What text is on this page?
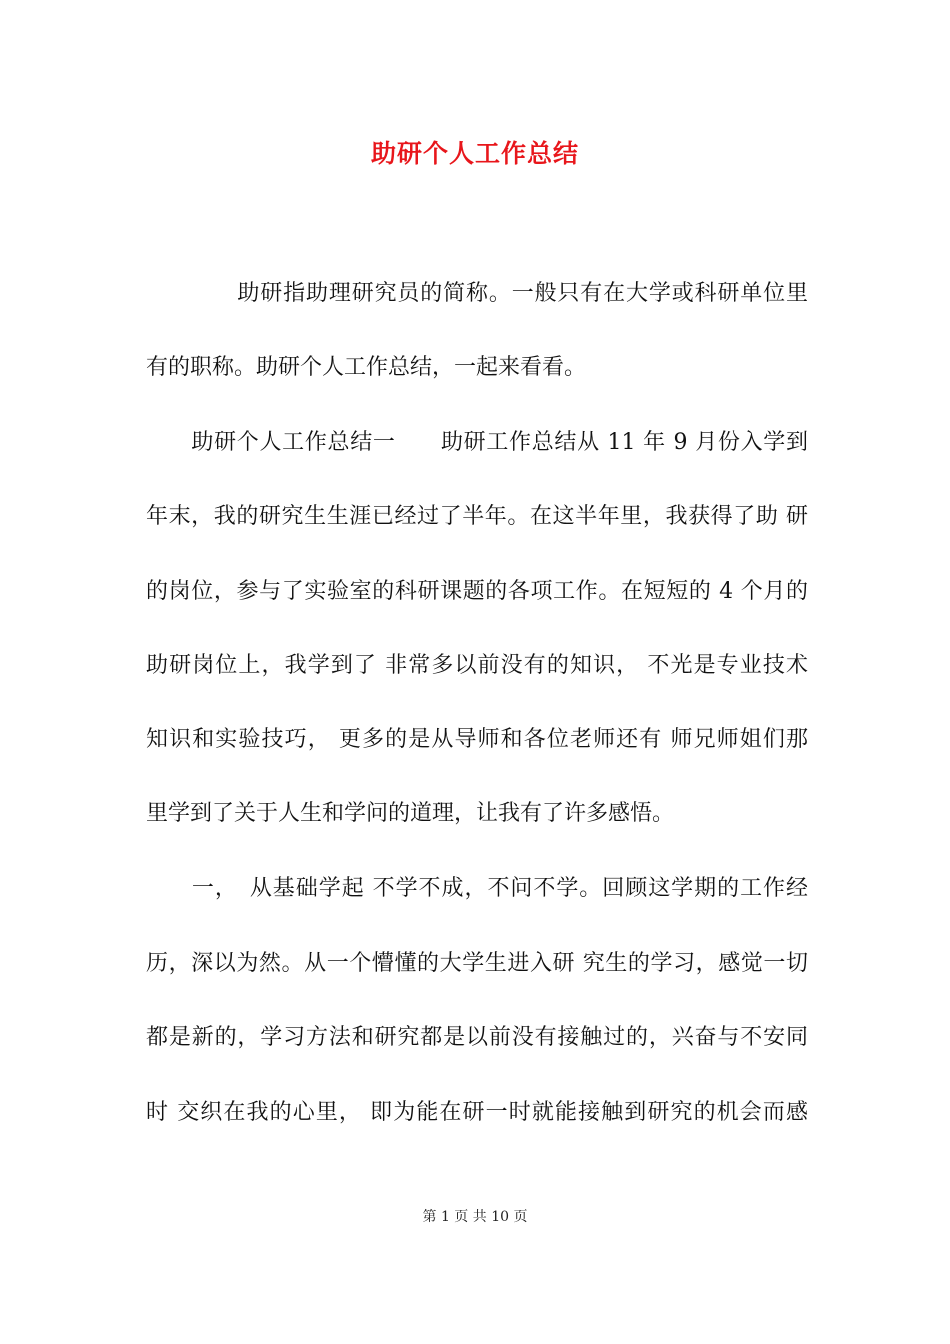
助研个人工作总结
　　　　助研指助理研究员的简称。一般只有在大学或科研单位里
有的职称。助研个人工作总结，一起来看看。
　　助研个人工作总结一　　助研工作总结从 11 年 9 月份入学到
年末，我的研究生生涯已经过了半年。在这半年里，我获得了助 研
的岗位，参与了实验室的科研课题的各项工作。在短短的 4 个月的
助研岗位上，我学到了 非常多以前没有的知识， 不光是专业技术
知识和实验技巧， 更多的是从导师和各位老师还有 师兄师姐们那
里学到了关于人生和学问的道理，让我有了许多感悟。
　　一，　从基础学起 不学不成，不问不学。回顾这学期的工作经
历，深以为然。从一个懵懂的大学生进入研 究生的学习，感觉一切
都是新的，学习方法和研究都是以前没有接触过的，兴奋与不安同
时 交织在我的心里， 即为能在研一时就能接触到研究的机会而感
第 1 页 共 10 页
